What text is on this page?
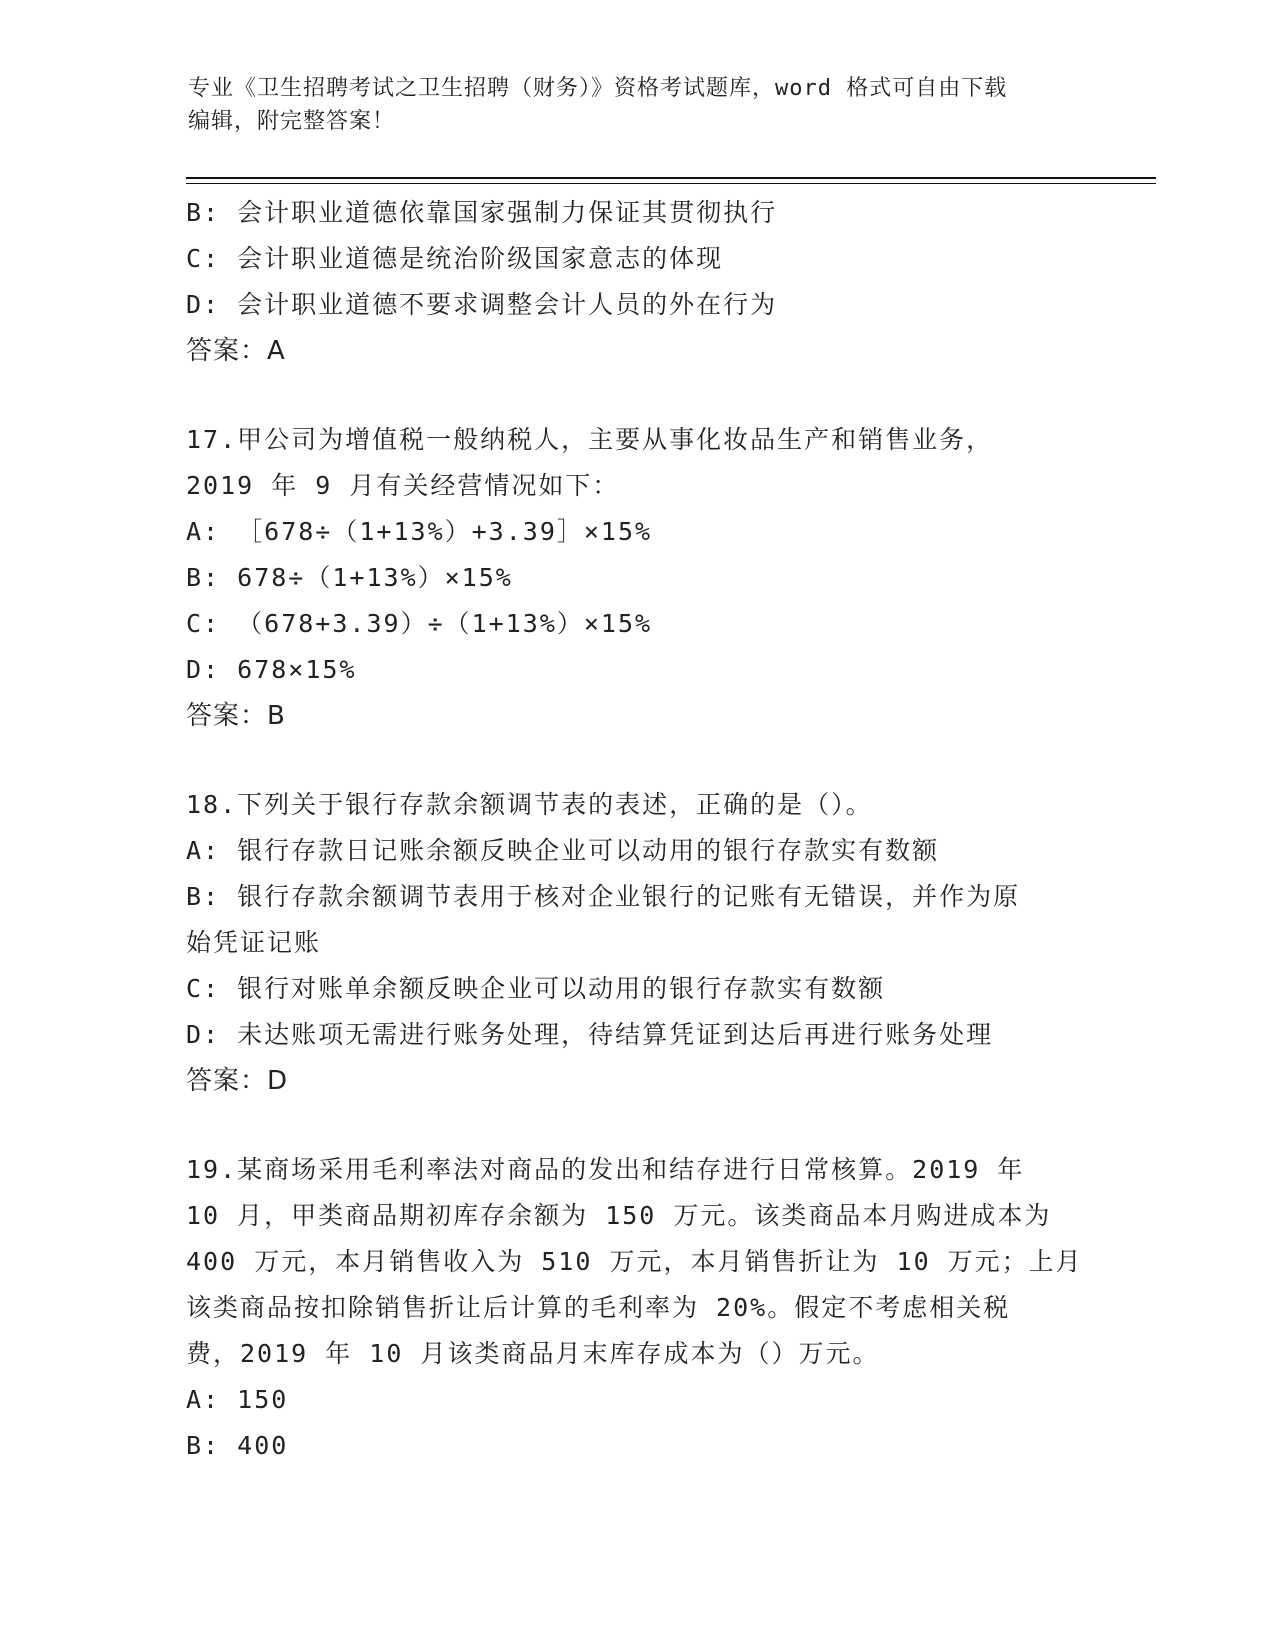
专业《卫生招聘考试之卫生招聘（财务）》资格考试题库，word 格式可自由下载
编辑，附完整答案！
B: 会计职业道德依靠国家强制力保证其贯彻执行
C: 会计职业道德是统治阶级国家意志的体现
D: 会计职业道德不要求调整会计人员的外在行为
答案：A
17.甲公司为增值税一般纳税人，主要从事化妆品生产和销售业务，
2019 年 9 月有关经营情况如下：
A: ［678÷（1+13%）+3.39］×15%
B: 678÷（1+13%）×15%
C: （678+3.39）÷（1+13%）×15%
D: 678×15%
答案：B
18.下列关于银行存款余额调节表的表述，正确的是（）。
A: 银行存款日记账余额反映企业可以动用的银行存款实有数额
B: 银行存款余额调节表用于核对企业银行的记账有无错误，并作为原
始凭证记账
C: 银行对账单余额反映企业可以动用的银行存款实有数额
D: 未达账项无需进行账务处理，待结算凭证到达后再进行账务处理
答案：D
19.某商场采用毛利率法对商品的发出和结存进行日常核算。2019 年
10 月，甲类商品期初库存余额为 150 万元。该类商品本月购进成本为
400 万元，本月销售收入为 510 万元，本月销售折让为 10 万元；上月
该类商品按扣除销售折让后计算的毛利率为 20%。假定不考虑相关税
费，2019 年 10 月该类商品月末库存成本为（）万元。
A: 150
B: 400
